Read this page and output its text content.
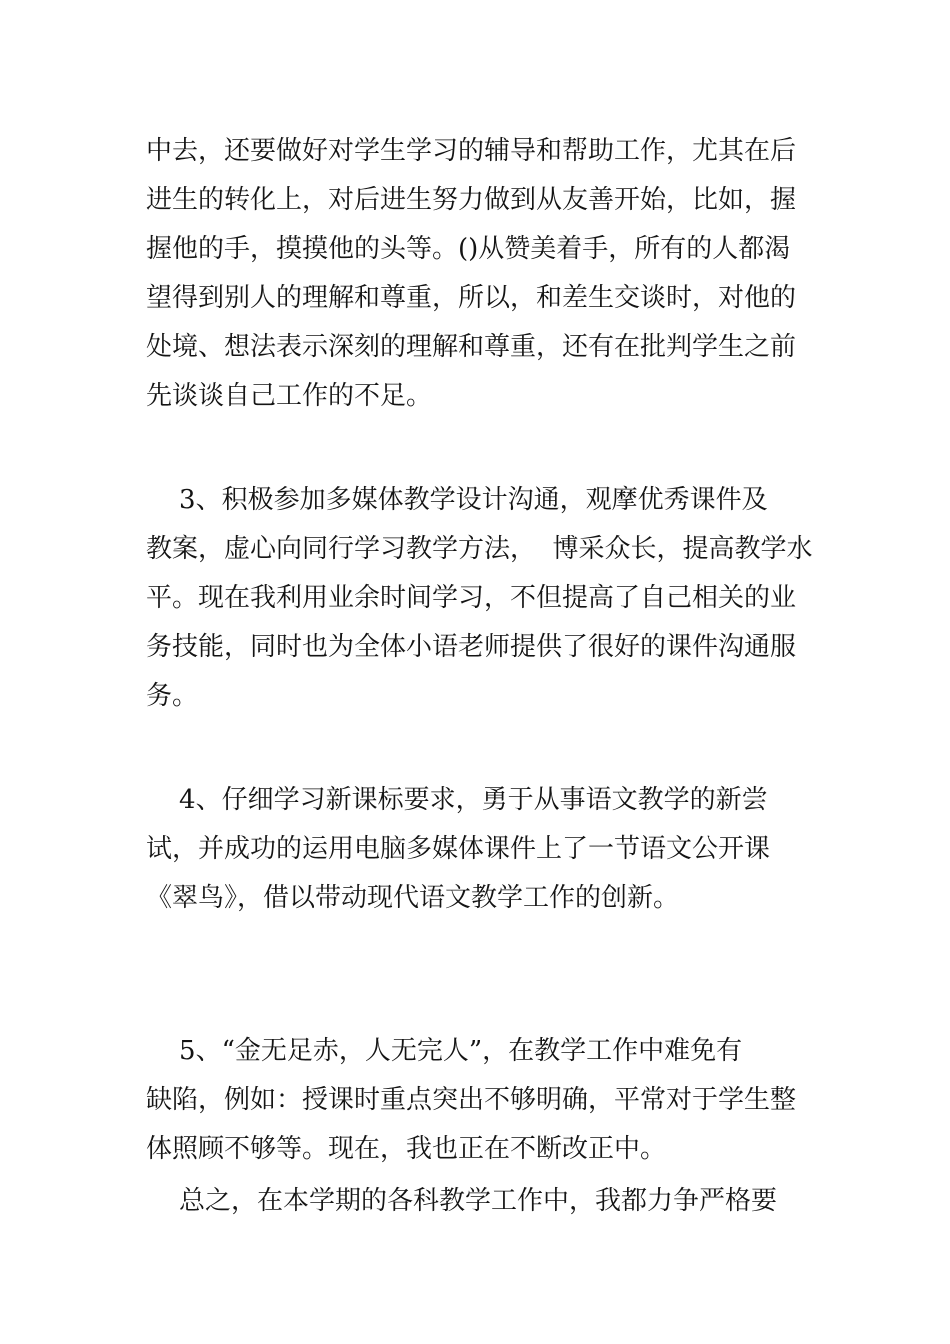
中去，还要做好对学生学习的辅导和帮助工作，尤其在后
进生的转化上，对后进生努力做到从友善开始，比如，握
握他的手，摸摸他的头等。()从赞美着手，所有的人都渴
望得到别人的理解和尊重，所以，和差生交谈时，对他的
处境、想法表示深刻的理解和尊重，还有在批判学生之前
先谈谈自己工作的不足。

3、积极参加多媒体教学设计沟通，观摩优秀课件及
教案，虚心向同行学习教学方法，  博采众长，提高教学水
平。现在我利用业余时间学习，不但提高了自己相关的业
务技能，同时也为全体小语老师提供了很好的课件沟通服
务。

4、仔细学习新课标要求，勇于从事语文教学的新尝
试，并成功的运用电脑多媒体课件上了一节语文公开课
《翠鸟》，借以带动现代语文教学工作的创新。

5、“金无足赤，人无完人”，在教学工作中难免有
缺陷，例如：授课时重点突出不够明确，平常对于学生整
体照顾不够等。现在，我也正在不断改正中。

总之，在本学期的各科教学工作中，我都力争严格要
